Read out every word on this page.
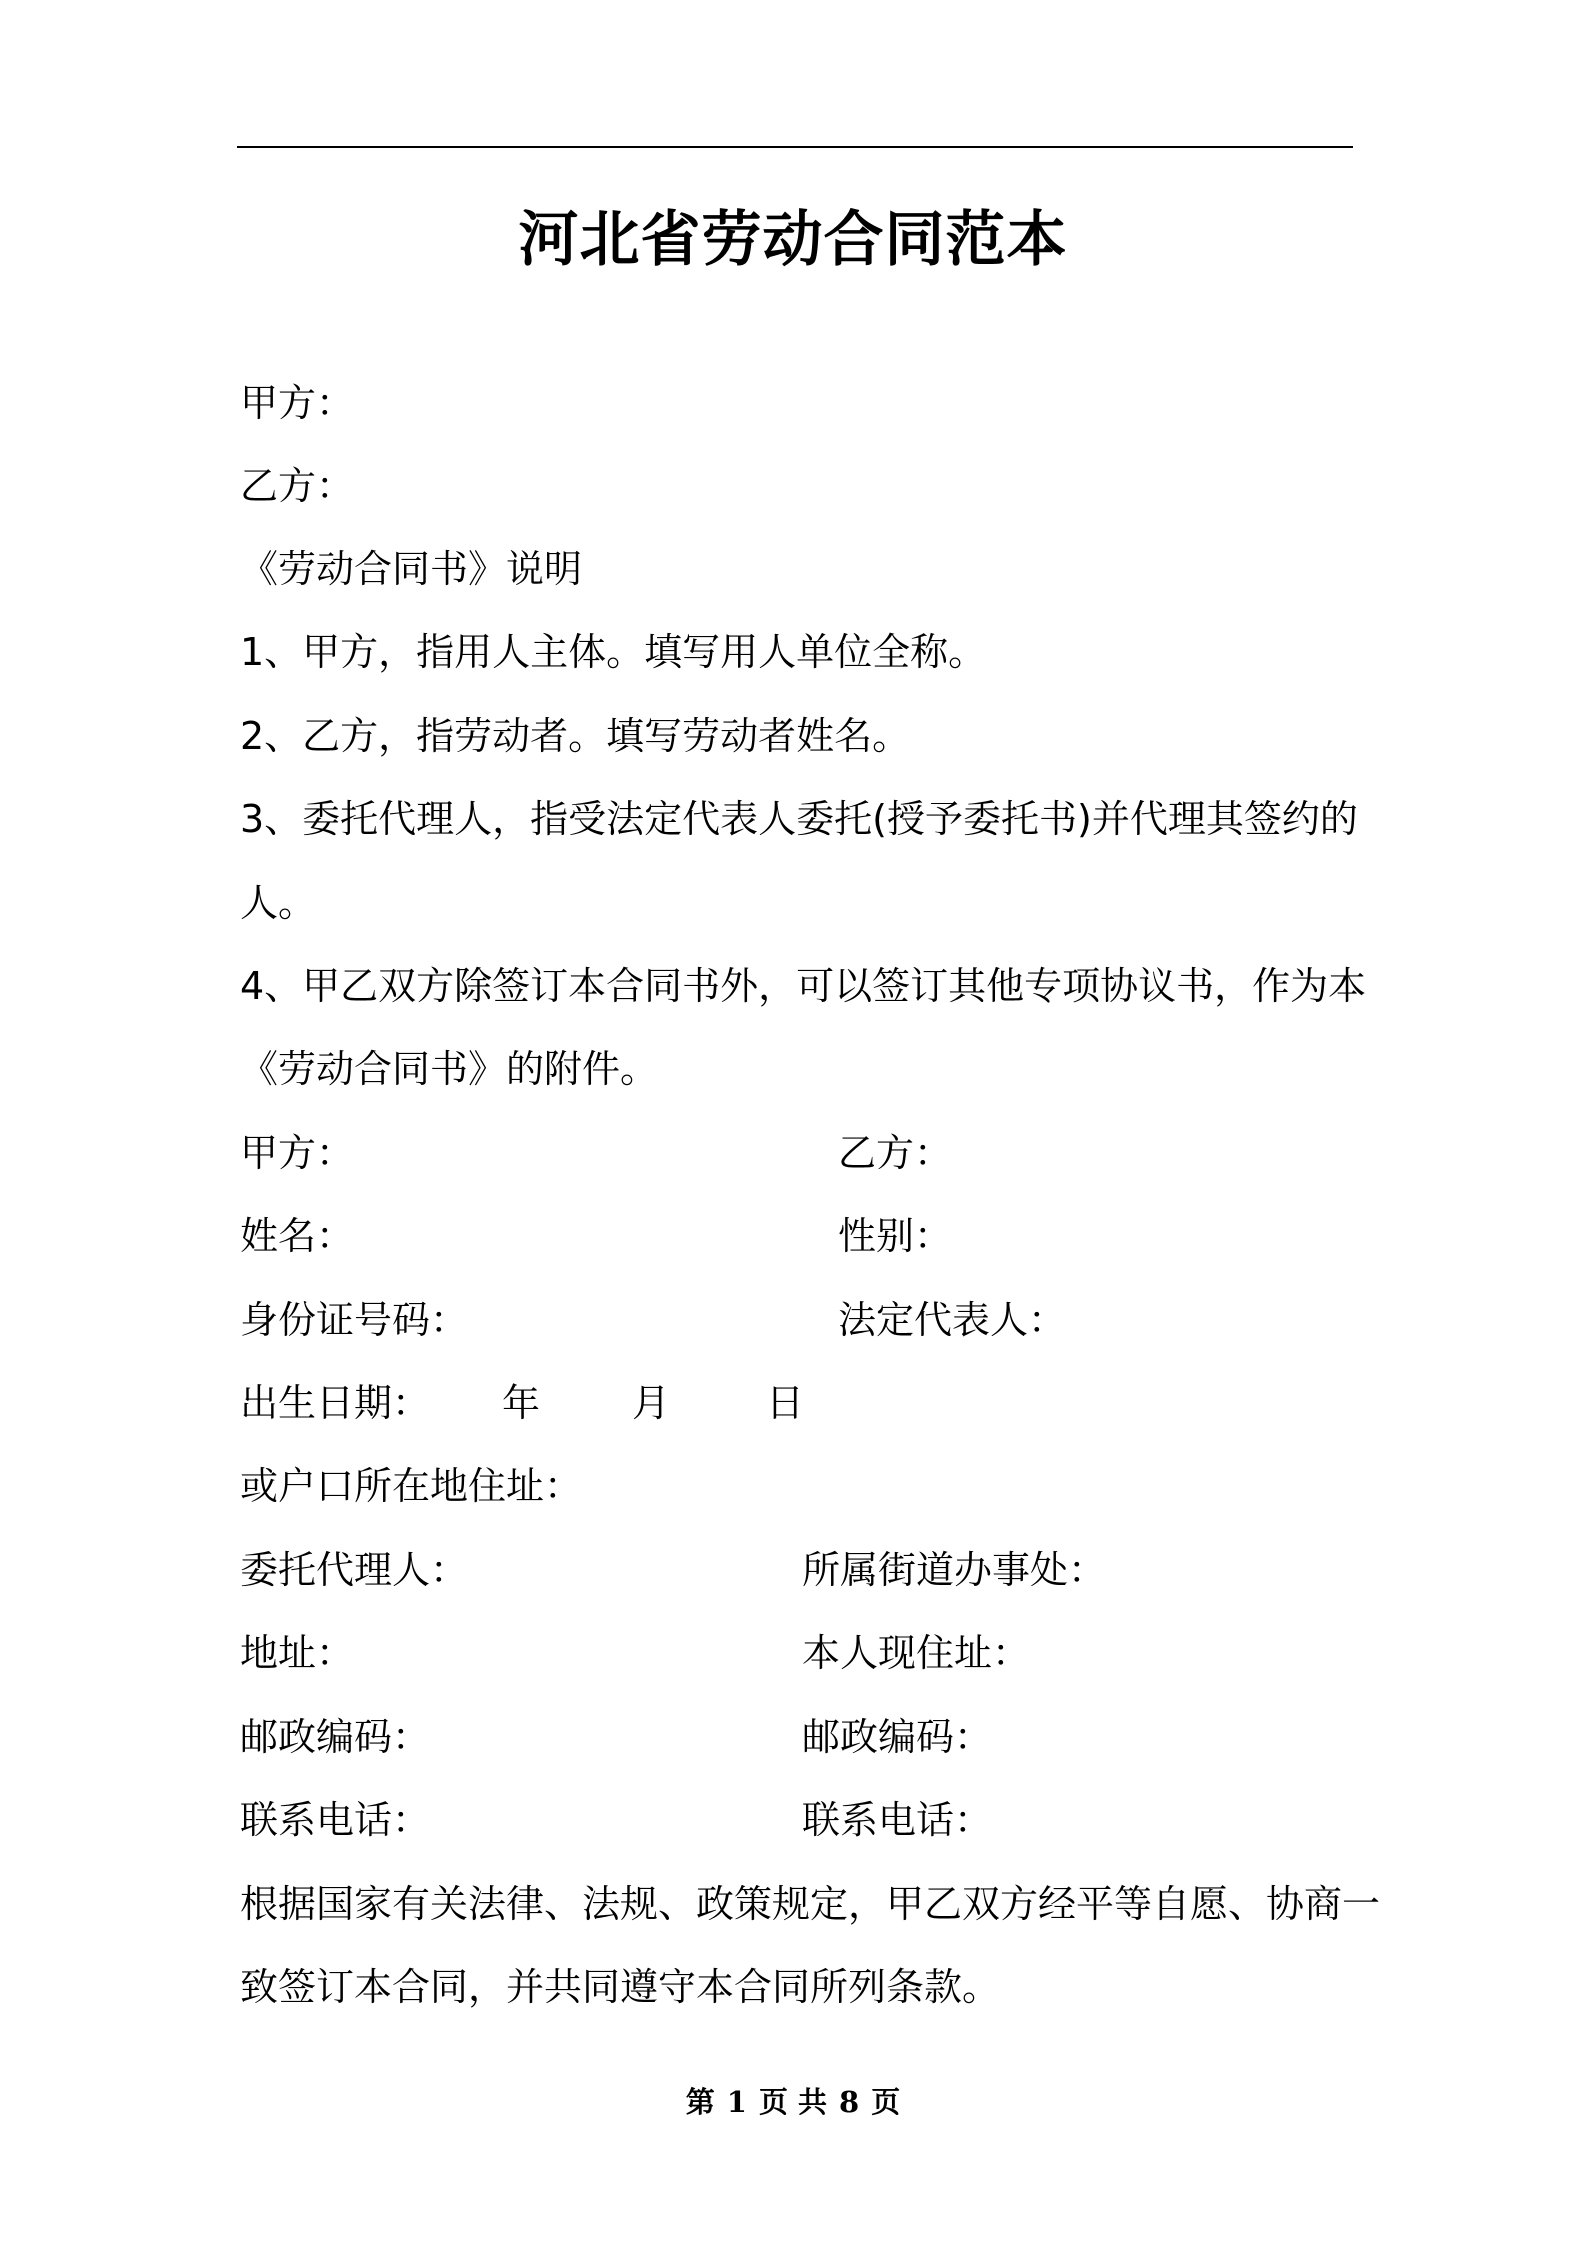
河北省劳动合同范本
甲方：
乙方：
《劳动合同书》说明
1、甲方，指用人主体。填写用人单位全称。
2、乙方，指劳动者。填写劳动者姓名。
3、委托代理人，指受法定代表人委托(授予委托书)并代理其签约的
人。
4、甲乙双方除签订本合同书外，可以签订其他专项协议书，作为本
《劳动合同书》的附件。
甲方：	乙方：
姓名：	性别：
身份证号码：	法定代表人：
出生日期： 年 月	日
或户口所在地住址：
委托代理人：	所属街道办事处：
地址：	本人现住址：
邮政编码：	邮政编码：
联系电话：	联系电话：
根据国家有关法律、法规、政策规定，甲乙双方经平等自愿、协商一
致签订本合同，并共同遵守本合同所列条款。
第 1 页 共 8 页
